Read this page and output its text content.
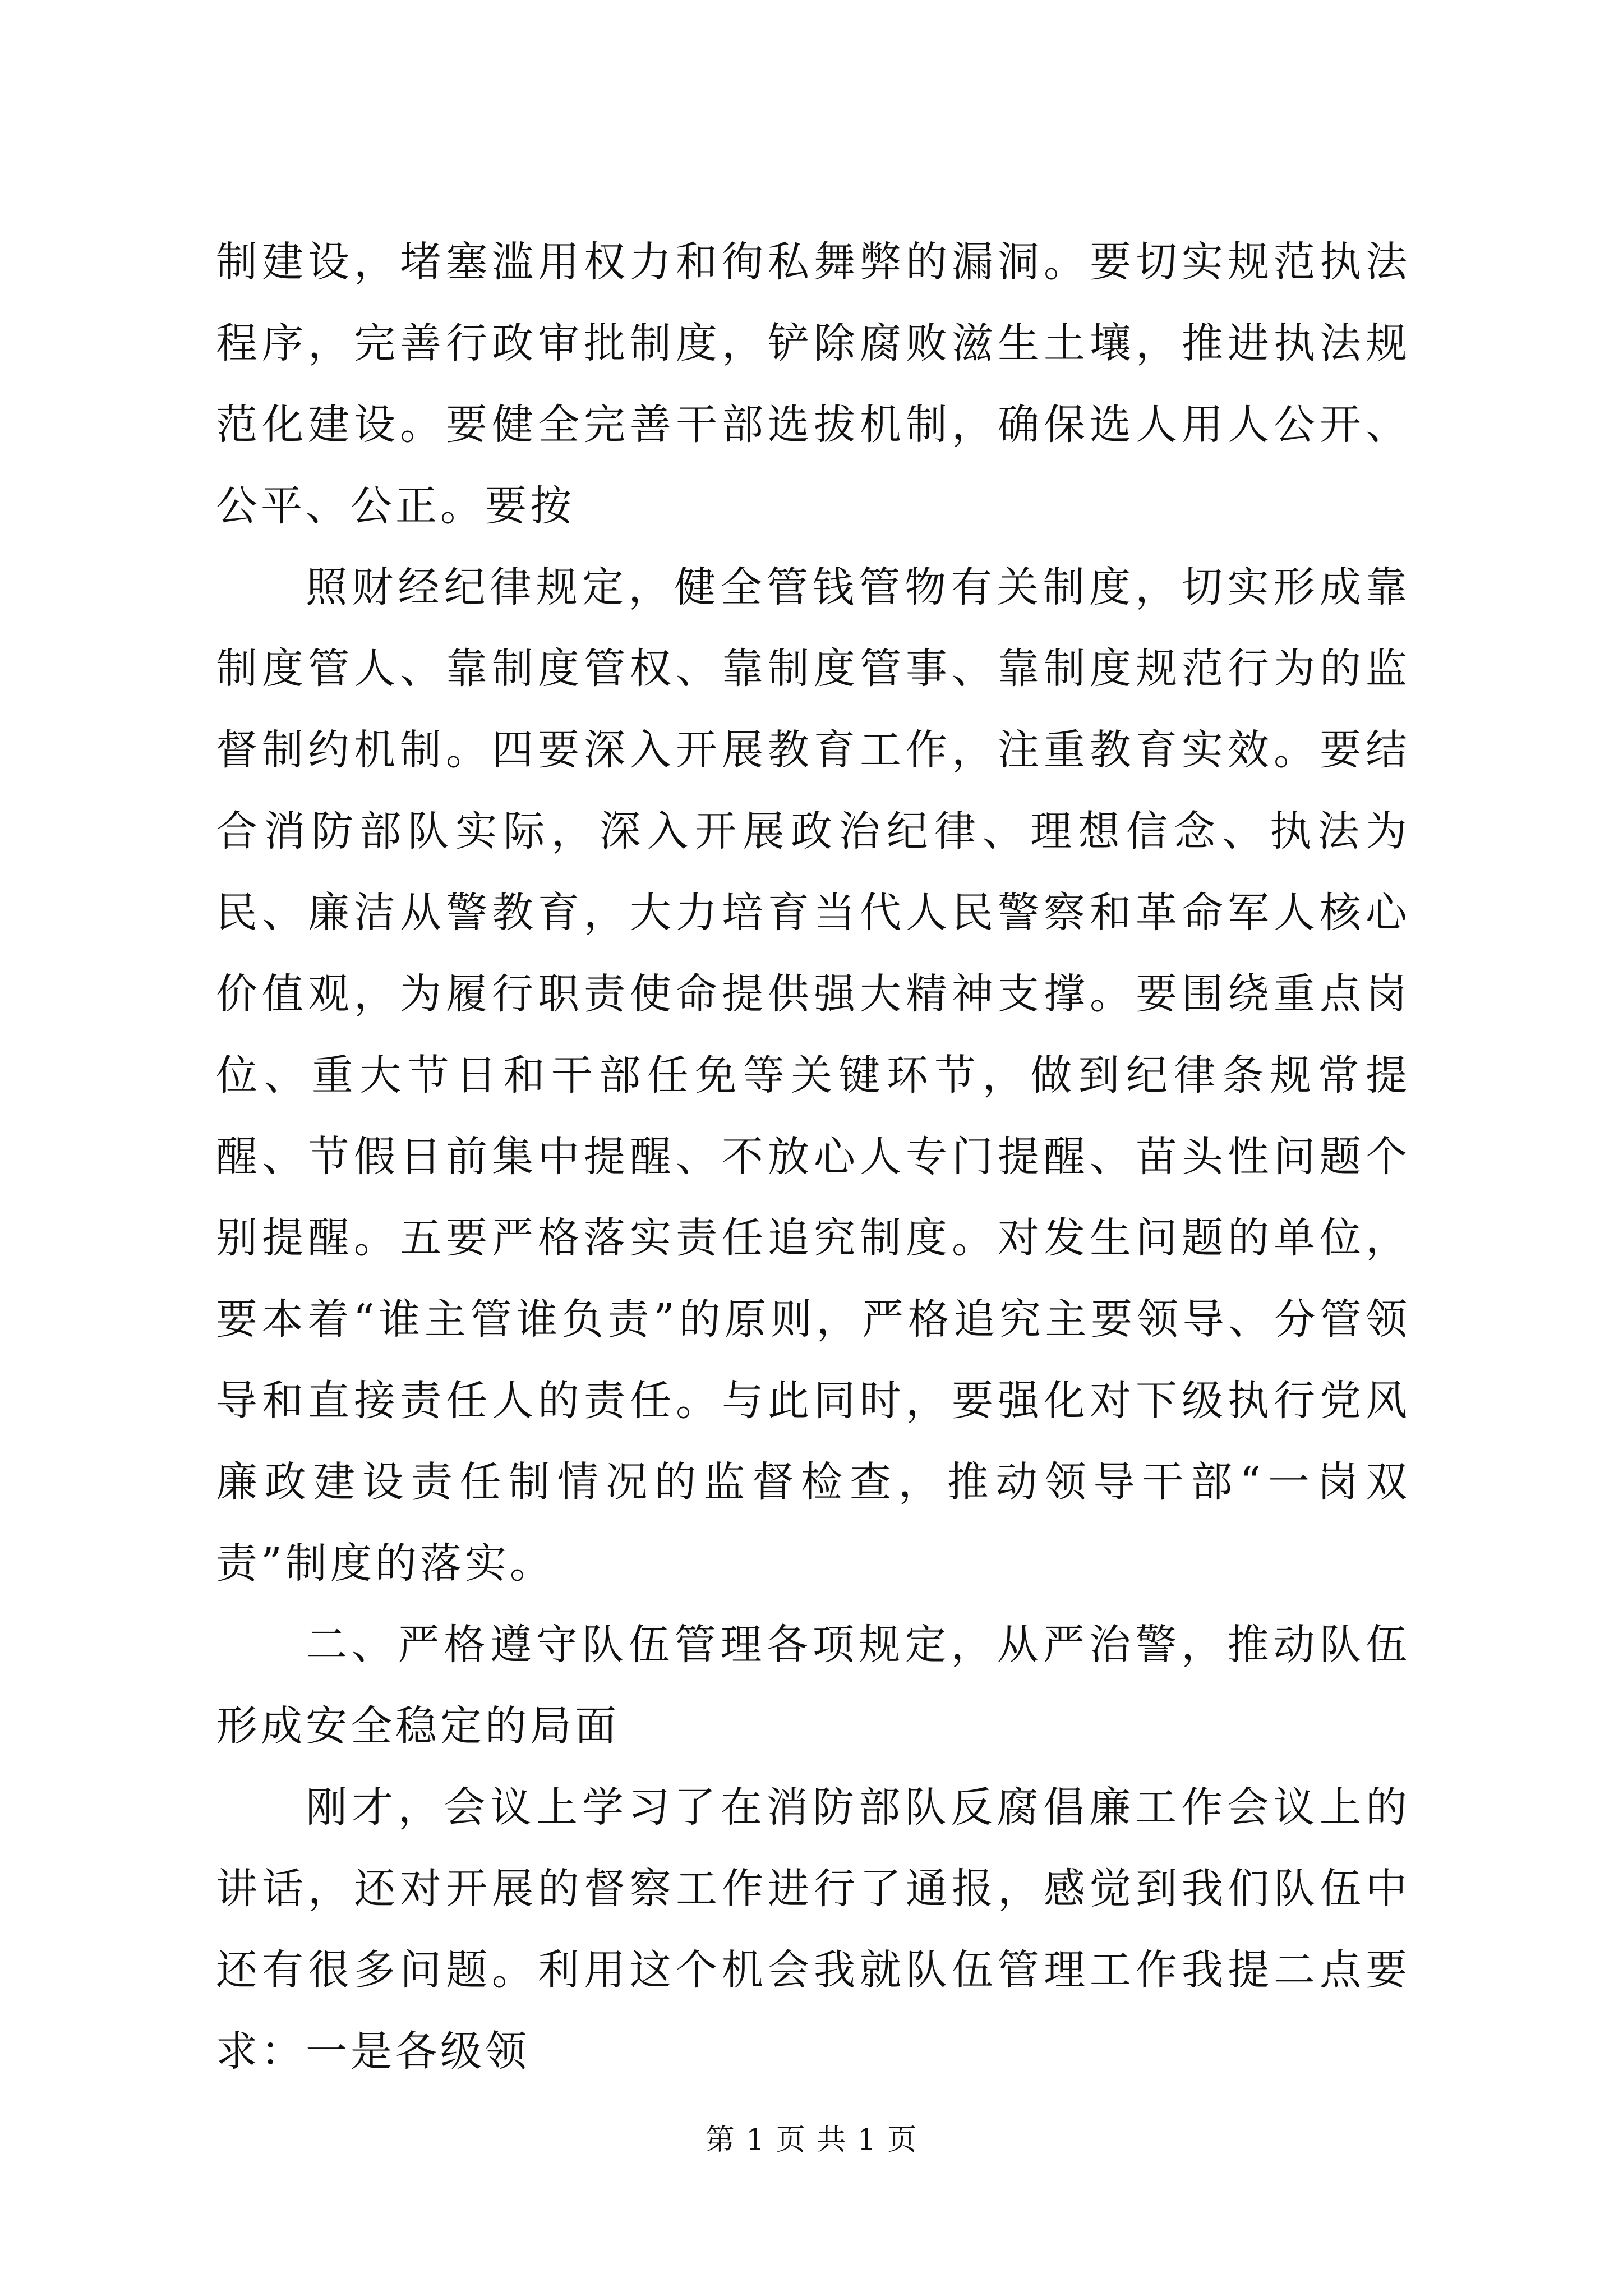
制建设，堵塞滥用权力和徇私舞弊的漏洞。要切实规范执法程序，完善行政审批制度，铲除腐败滋生土壤，推进执法规范化建设。要健全完善干部选拔机制，确保选人用人公开、公平、公正。要按

照财经纪律规定，健全管钱管物有关制度，切实形成靠制度管人、靠制度管权、靠制度管事、靠制度规范行为的监督制约机制。四要深入开展教育工作，注重教育实效。要结合消防部队实际，深入开展政治纪律、理想信念、执法为民、廉洁从警教育，大力培育当代人民警察和革命军人核心价值观，为履行职责使命提供强大精神支撑。要围绕重点岗位、重大节日和干部任免等关键环节，做到纪律条规常提醒、节假日前集中提醒、不放心人专门提醒、苗头性问题个别提醒。五要严格落实责任追究制度。对发生问题的单位，要本着“谁主管谁负责”的原则，严格追究主要领导、分管领导和直接责任人的责任。与此同时，要强化对下级执行党风廉政建设责任制情况的监督检查，推动领导干部“一岗双责”制度的落实。

二、严格遵守队伍管理各项规定，从严治警，推动队伍形成安全稳定的局面

刚才，会议上学习了在消防部队反腐倡廉工作会议上的讲话，还对开展的督察工作进行了通报，感觉到我们队伍中还有很多问题。利用这个机会我就队伍管理工作我提二点要求：一是各级领

第 1 页 共 1 页
